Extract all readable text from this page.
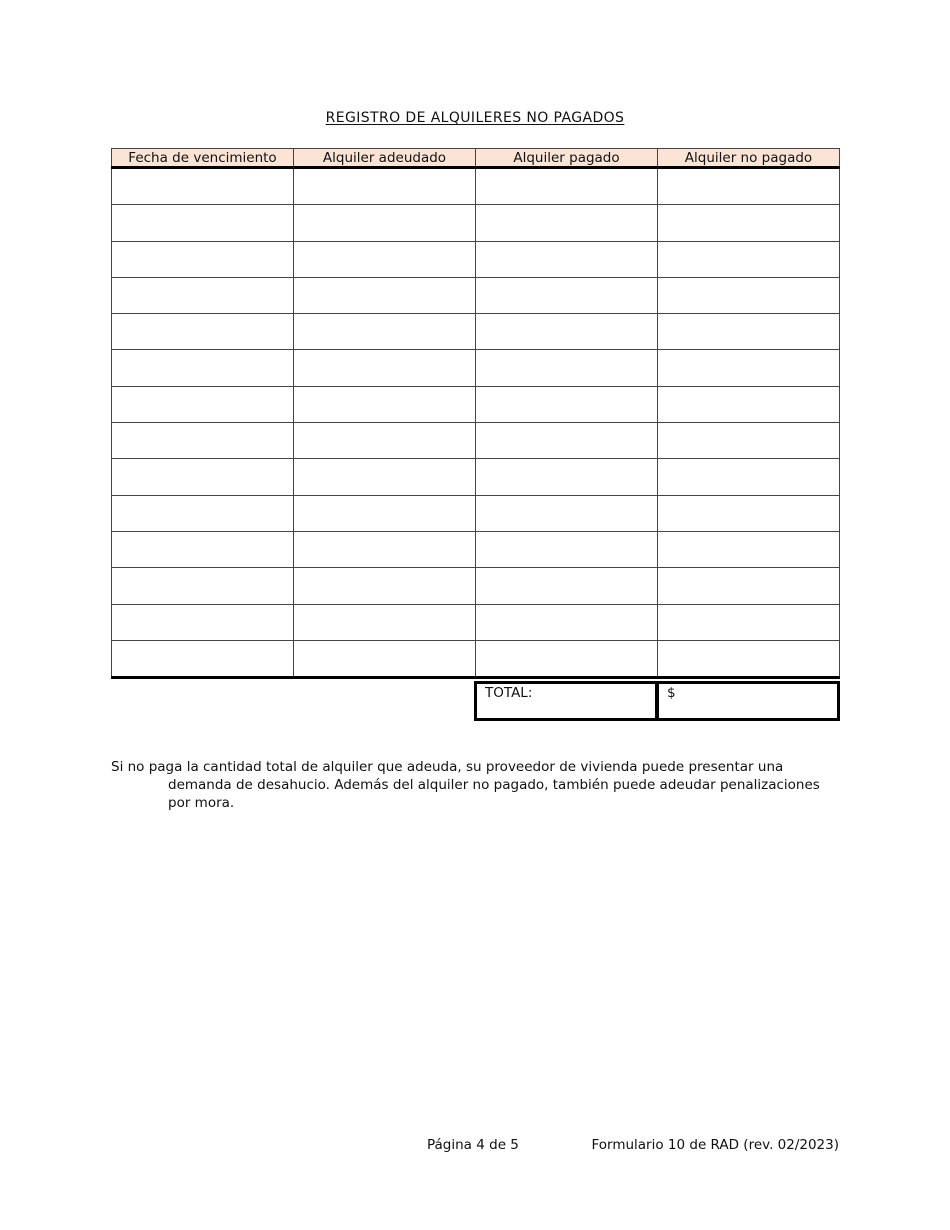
REGISTRO DE ALQUILERES NO PAGADOS
Fecha de vencimiento	Alquiler adeudado	Alquiler pagado	Alquiler no pagado

TOTAL:	$
Si no paga la cantidad total de alquiler que adeuda, su proveedor de vivienda puede presentar una demanda de desahucio. Además del alquiler no pagado, también puede adeudar penalizaciones por mora.
Página 4 de 5	Formulario 10 de RAD (rev. 02/2023)
